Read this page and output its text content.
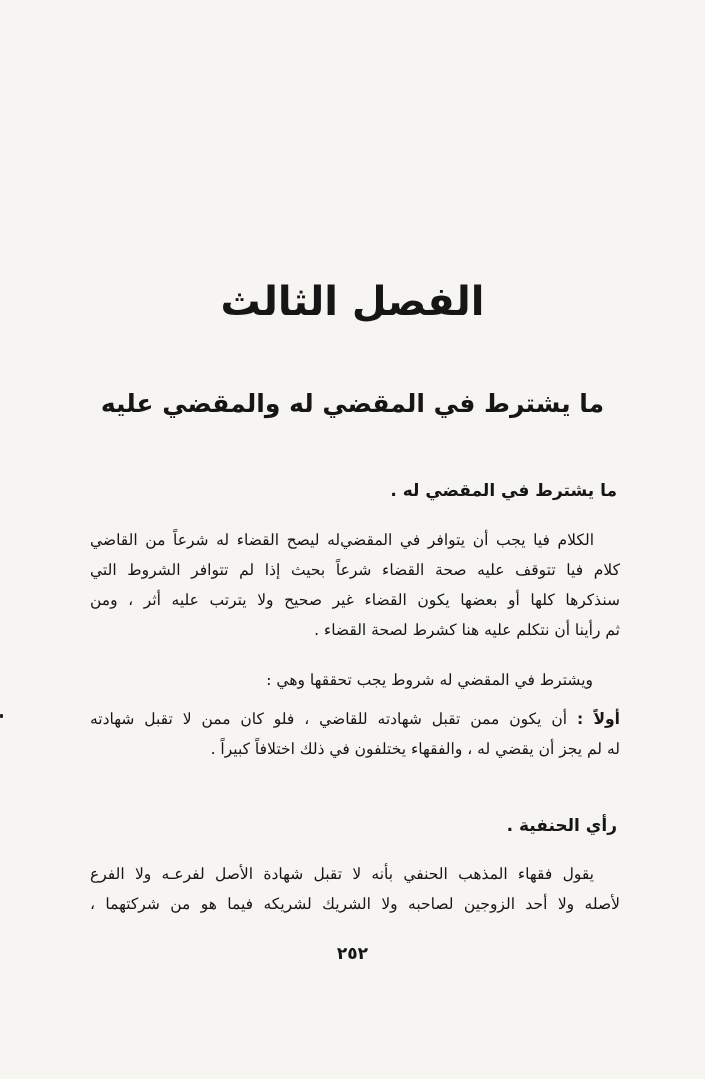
الفصل الثالث
ما يشترط في المقضي له والمقضي عليه
ما يشترط في المقضي له .
الكلام فيا يجب أن يتوافر في المقضي‌له ليصح القضاء له شرعاً من القاضي
كلام فيا تتوقف عليه صحة القضاء شرعاً بحيث إذا لم تتوافر الشروط التي
سنذكرها كلها أو بعضها يكون القضاء غير صحيح ولا يترتب عليه أثر ، ومن
ثم رأينا أن نتكلم عليه هنا كشرط لصحة القضاء .
ويشترط في المقضي له شروط يجب تحققها وهي :
أولاً : أن يكون ممن تقبل شهادته للقاضي ، فلو كان ممن لا تقبل شهادته
له لم يجز أن يقضي له ، والفقهاء يختلفون في ذلك اختلافاً كبيراً .
رأي الحنفية .
يقول فقهاء المذهب الحنفي بأنه لا تقبل شهادة الأصل لفرعـه ولا الفرع
لأصله ولا أحد الزوجين لصاحبه ولا الشريك لشريكه فيما هو من شركتهما ،
٢٥٢
